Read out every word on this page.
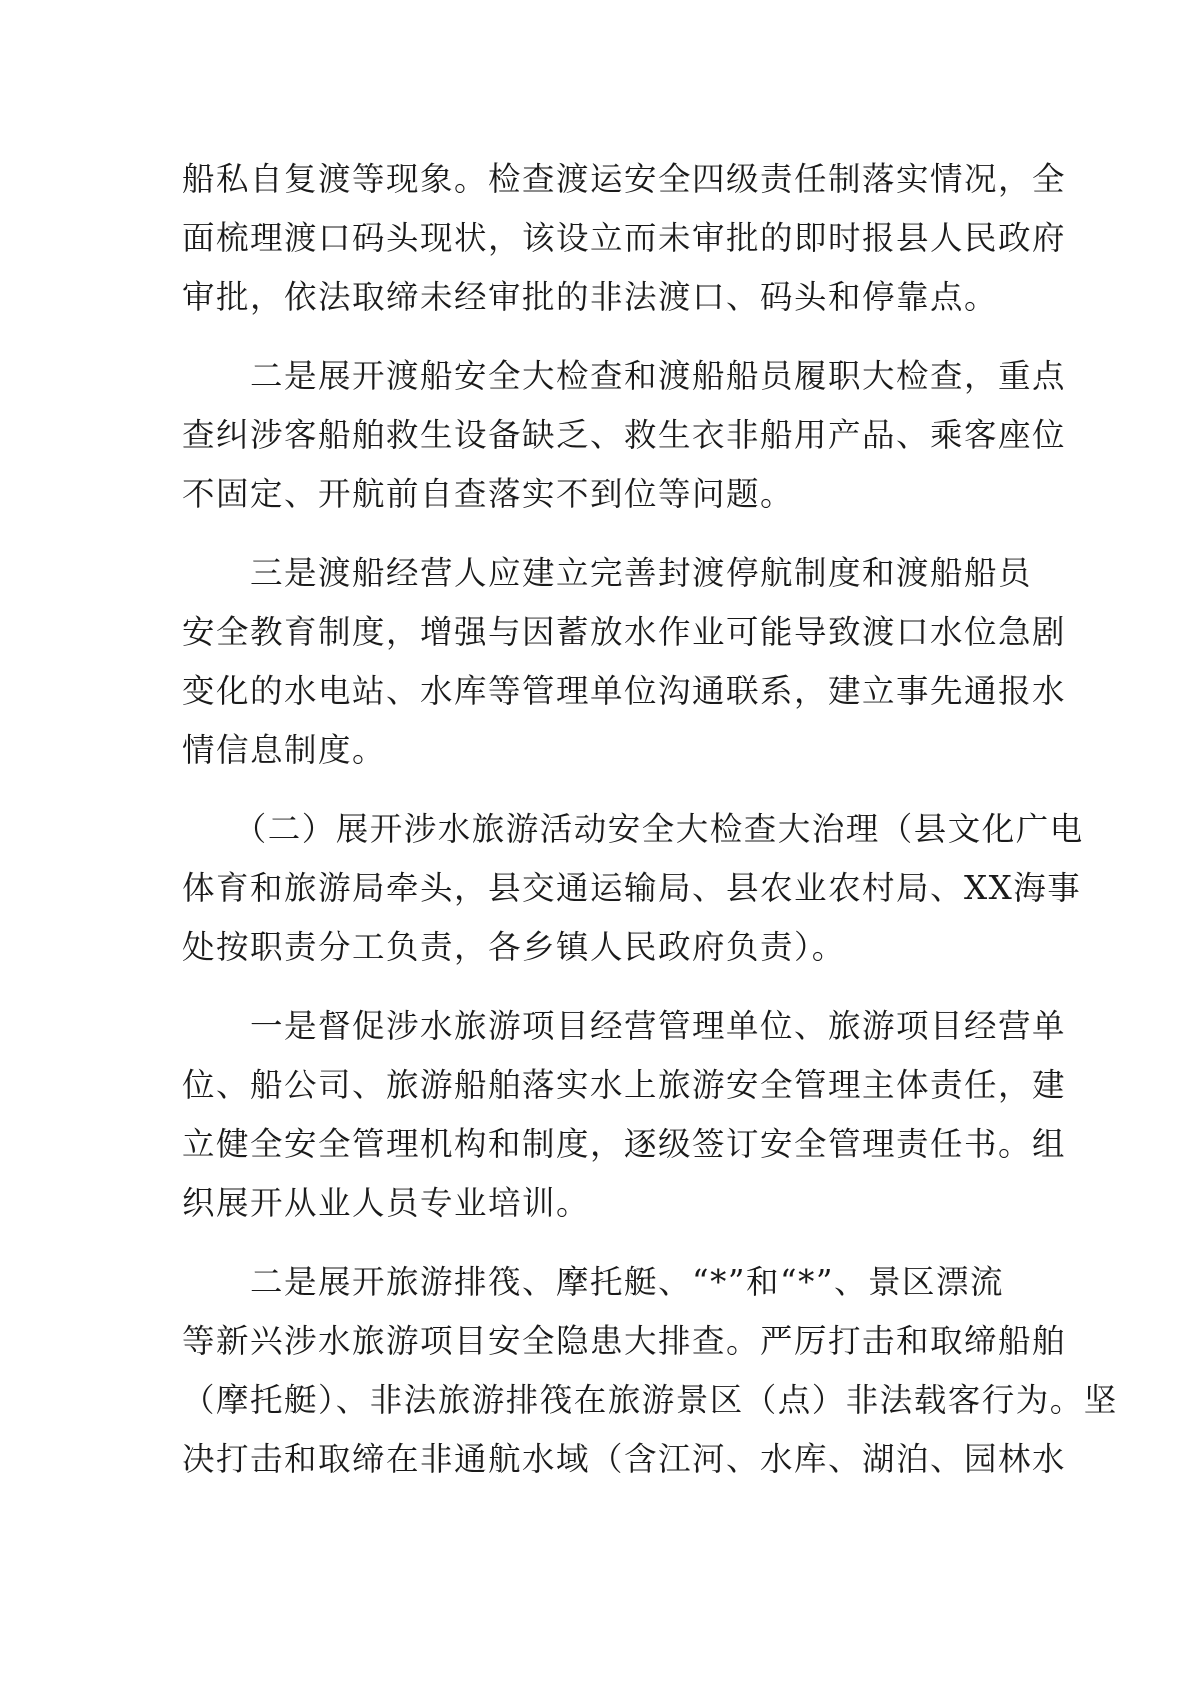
船私自复渡等现象。检查渡运安全四级责任制落实情况，全
面梳理渡口码头现状，该设立而未审批的即时报县人民政府
审批，依法取缔未经审批的非法渡口、码头和停靠点。

　　二是展开渡船安全大检查和渡船船员履职大检查，重点
查纠涉客船舶救生设备缺乏、救生衣非船用产品、乘客座位
不固定、开航前自查落实不到位等问题。

　　三是渡船经营人应建立完善封渡停航制度和渡船船员
安全教育制度，增强与因蓄放水作业可能导致渡口水位急剧
变化的水电站、水库等管理单位沟通联系，建立事先通报水
情信息制度。

　　（二）展开涉水旅游活动安全大检查大治理（县文化广电
体育和旅游局牵头，县交通运输局、县农业农村局、XX海事
处按职责分工负责，各乡镇人民政府负责）。

　　一是督促涉水旅游项目经营管理单位、旅游项目经营单
位、船公司、旅游船舶落实水上旅游安全管理主体责任，建
立健全安全管理机构和制度，逐级签订安全管理责任书。组
织展开从业人员专业培训。

　　二是展开旅游排筏、摩托艇、“*”和“*”、景区漂流
等新兴涉水旅游项目安全隐患大排查。严厉打击和取缔船舶
（摩托艇）、非法旅游排筏在旅游景区（点）非法载客行为。坚
决打击和取缔在非通航水域（含江河、水库、湖泊、园林水
